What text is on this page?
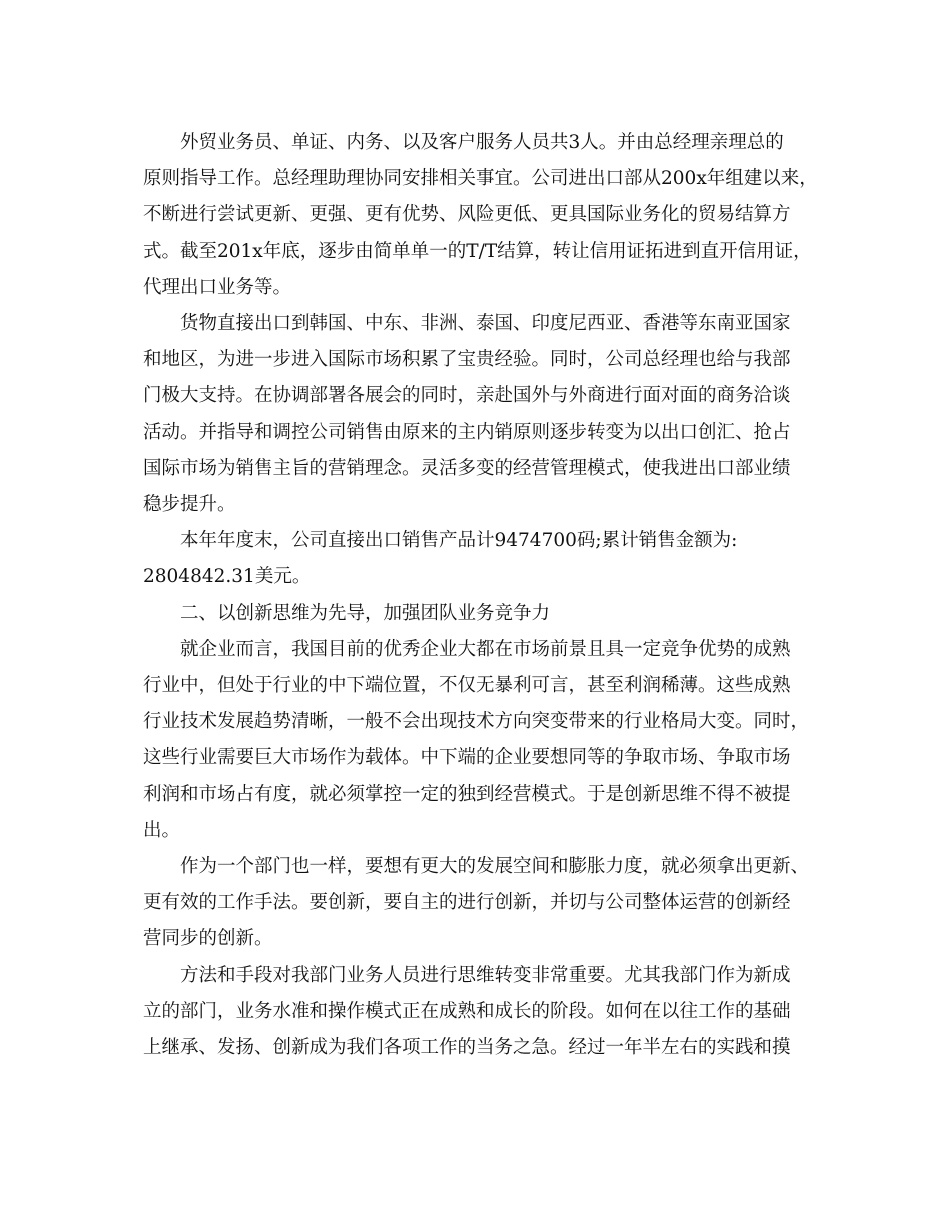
外贸业务员、单证、内务、以及客户服务人员共3人。并由总经理亲理总的

原则指导工作。总经理助理协同安排相关事宜。公司进出口部从200x年组建以来，

不断进行尝试更新、更强、更有优势、风险更低、更具国际业务化的贸易结算方

式。截至201x年底，逐步由简单单一的T/T结算，转让信用证拓进到直开信用证，

代理出口业务等。

货物直接出口到韩国、中东、非洲、泰国、印度尼西亚、香港等东南亚国家

和地区，为进一步进入国际市场积累了宝贵经验。同时，公司总经理也给与我部

门极大支持。在协调部署各展会的同时，亲赴国外与外商进行面对面的商务洽谈

活动。并指导和调控公司销售由原来的主内销原则逐步转变为以出口创汇、抢占

国际市场为销售主旨的营销理念。灵活多变的经营管理模式，使我进出口部业绩

稳步提升。

本年年度末，公司直接出口销售产品计9474700码;累计销售金额为:

2804842.31美元。

二、以创新思维为先导，加强团队业务竞争力

就企业而言，我国目前的优秀企业大都在市场前景且具一定竞争优势的成熟

行业中，但处于行业的中下端位置，不仅无暴利可言，甚至利润稀薄。这些成熟

行业技术发展趋势清晰，一般不会出现技术方向突变带来的行业格局大变。同时，

这些行业需要巨大市场作为载体。中下端的企业要想同等的争取市场、争取市场

利润和市场占有度，就必须掌控一定的独到经营模式。于是创新思维不得不被提

出。

作为一个部门也一样，要想有更大的发展空间和膨胀力度，就必须拿出更新、

更有效的工作手法。要创新，要自主的进行创新，并切与公司整体运营的创新经

营同步的创新。

方法和手段对我部门业务人员进行思维转变非常重要。尤其我部门作为新成

立的部门，业务水准和操作模式正在成熟和成长的阶段。如何在以往工作的基础

上继承、发扬、创新成为我们各项工作的当务之急。经过一年半左右的实践和摸
